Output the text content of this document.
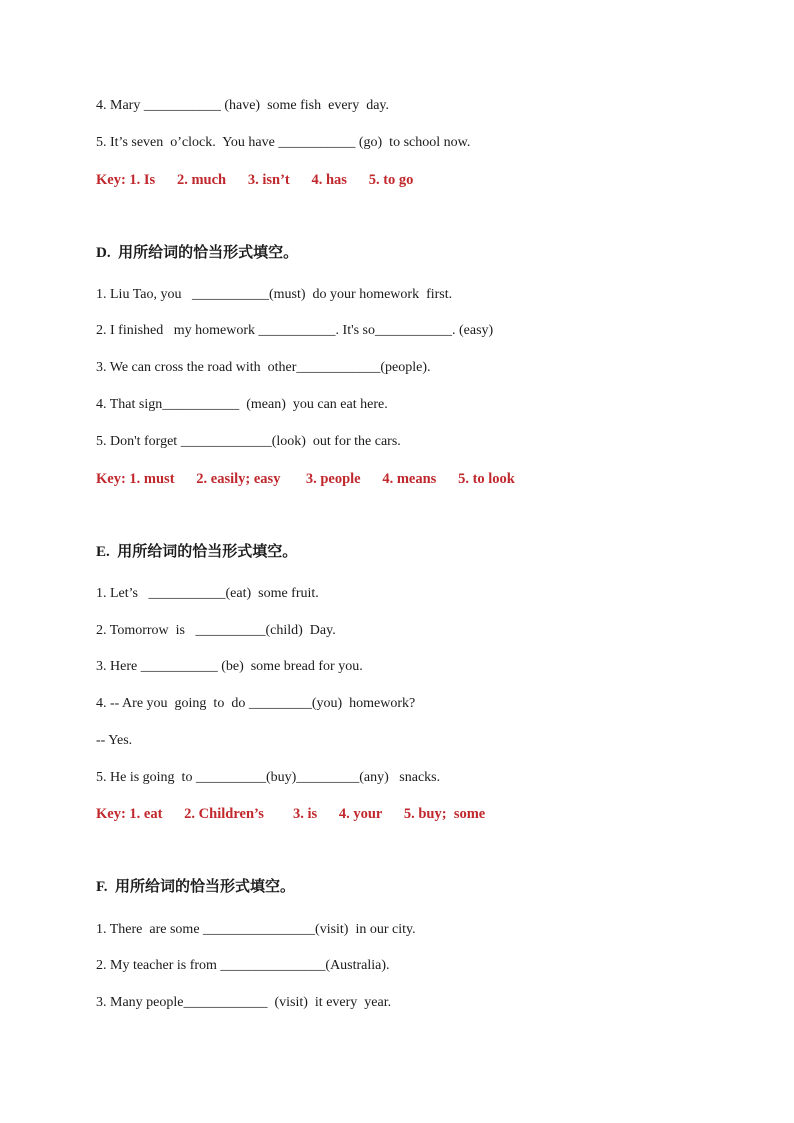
4. Mary ___________ (have)  some fish  every  day.
5. It’s seven  o’clock.  You have ___________ (go)  to school now.
Key: 1. Is      2. much      3. isn’t      4. has      5. to go
D.  用所给词的恰当形式填空。
1. Liu Tao, you   ___________(must)  do your homework  first.
2. I finished   my homework ___________. It's so___________. (easy)
3. We can cross the road with  other____________(people).
4. That sign___________  (mean)  you can eat here.
5. Don't forget _____________(look)  out for the cars.
Key: 1. must      2. easily; easy       3. people      4. means      5. to look
E.  用所给词的恰当形式填空。
1. Let’s   ___________(eat)  some fruit.
2. Tomorrow  is   __________(child)  Day.
3. Here ___________ (be)  some bread for you.
4. -- Are you  going  to  do _________(you)  homework?
-- Yes.
5. He is going  to __________(buy)_________(any)   snacks.
Key: 1. eat      2. Children’s        3. is      4. your      5. buy;  some
F.  用所给词的恰当形式填空。
1. There  are some ________________(visit)  in our city.
2. My teacher is from _______________(Australia).
3. Many people____________  (visit)  it every  year.
